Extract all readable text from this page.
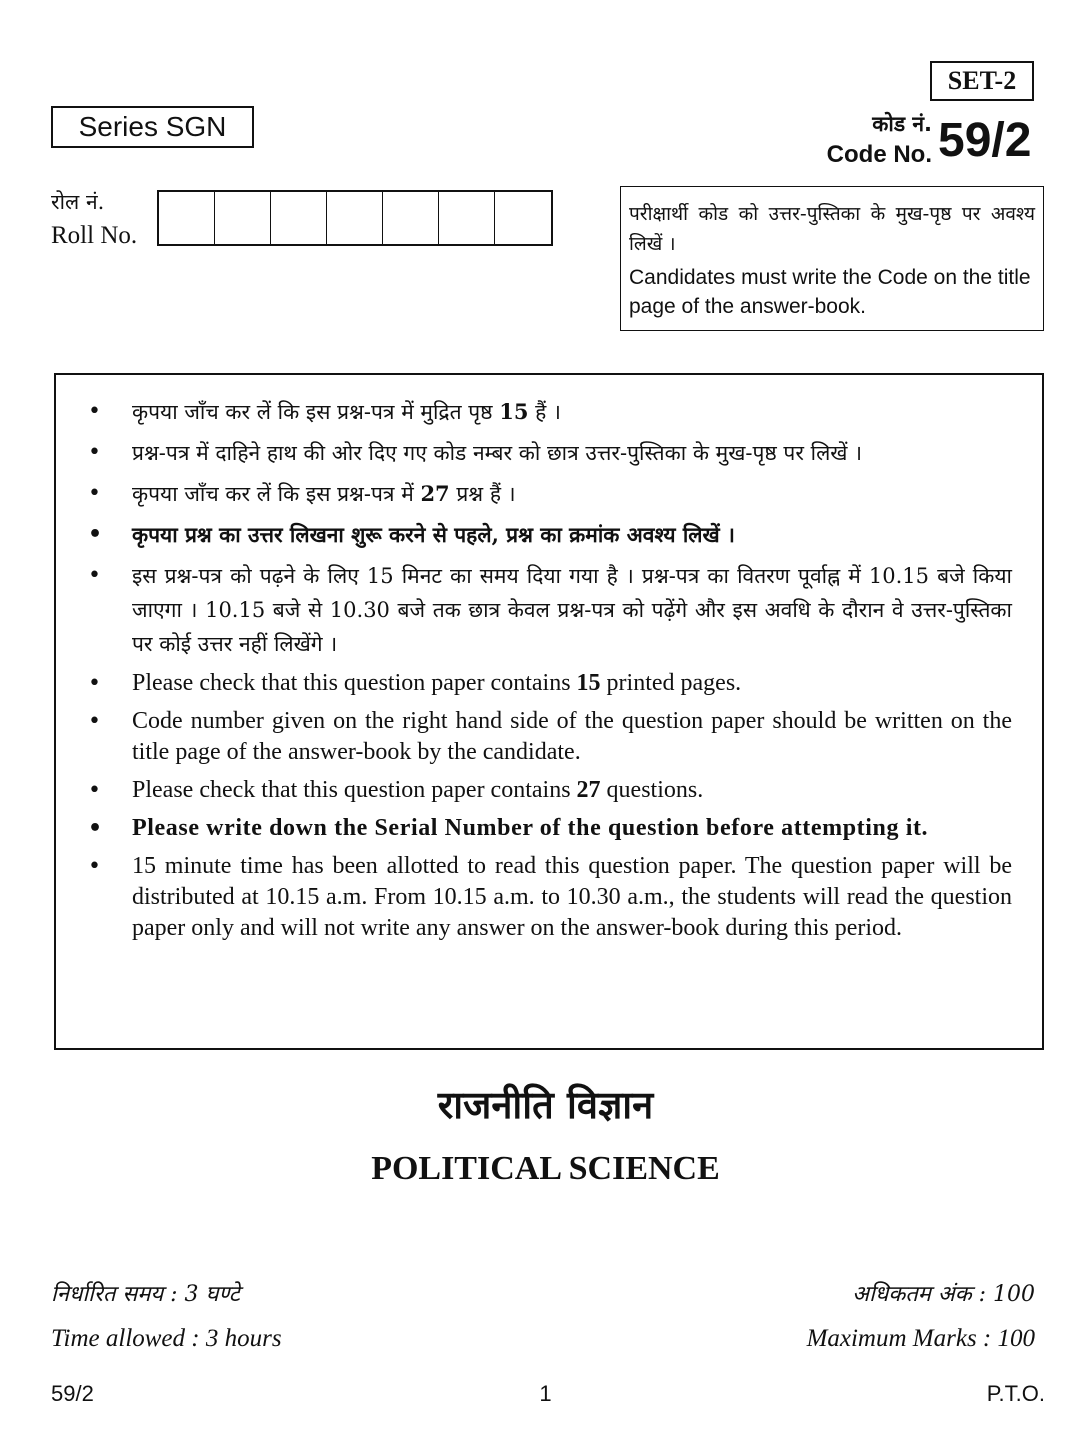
SET-2
Series SGN	कोड नं.
Code No. 59/2
रोल नं.
Roll No.
परीक्षार्थी कोड को उत्तर-पुस्तिका के मुख-पृष्ठ पर अवश्य लिखें ।
Candidates must write the Code on the title page of the answer-book.
• कृपया जाँच कर लें कि इस प्रश्न-पत्र में मुद्रित पृष्ठ 15 हैं ।
• प्रश्न-पत्र में दाहिने हाथ की ओर दिए गए कोड नम्बर को छात्र उत्तर-पुस्तिका के मुख-पृष्ठ पर लिखें ।
• कृपया जाँच कर लें कि इस प्रश्न-पत्र में 27 प्रश्न हैं ।
• कृपया प्रश्न का उत्तर लिखना शुरू करने से पहले, प्रश्न का क्रमांक अवश्य लिखें ।
• इस प्रश्न-पत्र को पढ़ने के लिए 15 मिनट का समय दिया गया है । प्रश्न-पत्र का वितरण पूर्वाह्न में 10.15 बजे किया जाएगा । 10.15 बजे से 10.30 बजे तक छात्र केवल प्रश्न-पत्र को पढ़ेंगे और इस अवधि के दौरान वे उत्तर-पुस्तिका पर कोई उत्तर नहीं लिखेंगे ।
• Please check that this question paper contains 15 printed pages.
• Code number given on the right hand side of the question paper should be written on the title page of the answer-book by the candidate.
• Please check that this question paper contains 27 questions.
• Please write down the Serial Number of the question before attempting it.
• 15 minute time has been allotted to read this question paper. The question paper will be distributed at 10.15 a.m. From 10.15 a.m. to 10.30 a.m., the students will read the question paper only and will not write any answer on the answer-book during this period.
राजनीति विज्ञान
POLITICAL SCIENCE
निर्धारित समय : 3 घण्टे
Time allowed : 3 hours
अधिकतम अंक : 100
Maximum Marks : 100
59/2	1	P.T.O.
